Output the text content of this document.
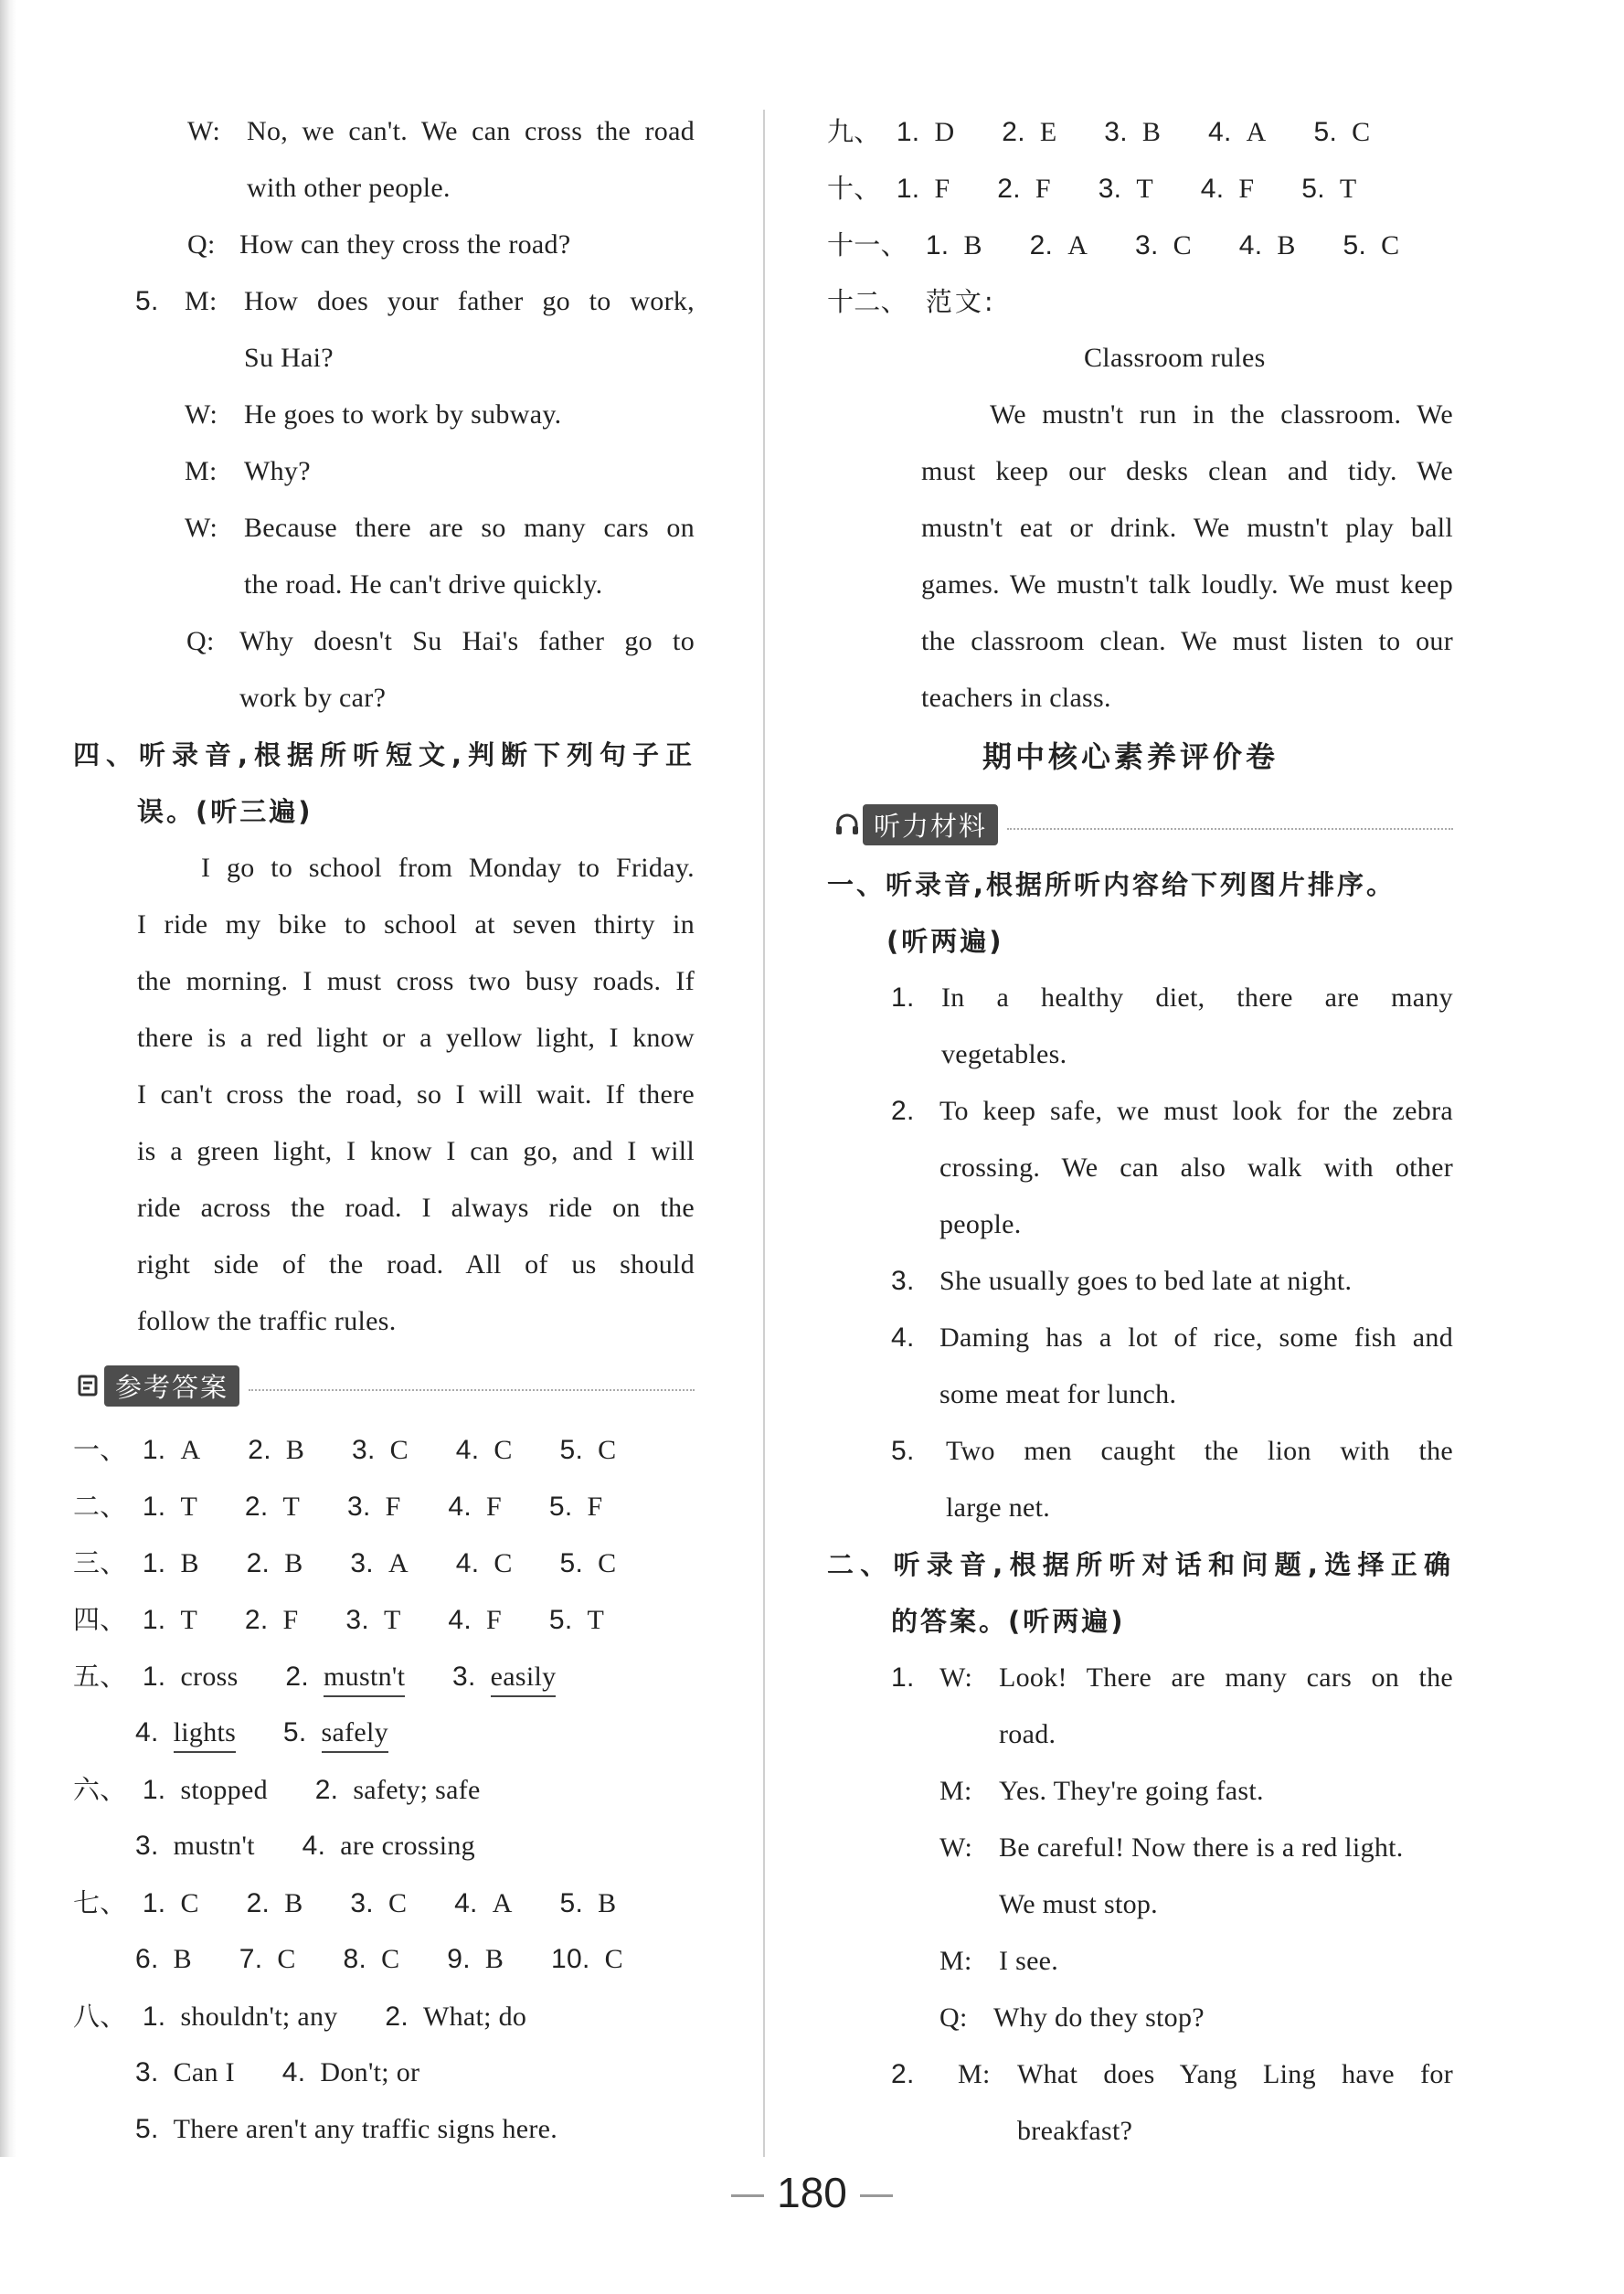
W: No, we can't. We can cross the road
with other people.
Q: How can they cross the road?
5. M: How does your father go to work,
Su Hai?
W: He goes to work by subway.
M: Why?
W: Because there are so many cars on
the road. He can't drive quickly.
Q: Why doesn't Su Hai's father go to
work by car?
四、听录音,根据所听短文,判断下列句子正
误。(听三遍)
I go to school from Monday to Friday.
I ride my bike to school at seven thirty in
the morning. I must cross two busy roads. If
there is a red light or a yellow light, I know
I can't cross the road, so I will wait. If there
is a green light, I know I can go, and I will
ride across the road. I always ride on the
right side of the road. All of us should
follow the traffic rules.
参考答案
一、 1. A 2. B 3. C 4. C 5. C
二、 1. T 2. T 3. F 4. F 5. F
三、 1. B 2. B 3. A 4. C 5. C
四、 1. T 2. F 3. T 4. F 5. T
五、 1. cross 2. mustn't 3. easily
4. lights 5. safely
六、 1. stopped 2. safety; safe
3. mustn't 4. are crossing
七、 1. C 2. B 3. C 4. A 5. B
6. B 7. C 8. C 9. B 10. C
八、 1. shouldn't; any 2. What; do
3. Can I 4. Don't; or
5. There aren't any traffic signs here.
九、 1. D 2. E 3. B 4. A 5. C
十、 1. F 2. F 3. T 4. F 5. T
十一、 1. B 2. A 3. C 4. B 5. C
十二、 范文:
Classroom rules
We mustn't run in the classroom. We
must keep our desks clean and tidy. We
mustn't eat or drink. We mustn't play ball
games. We mustn't talk loudly. We must keep
the classroom clean. We must listen to our
teachers in class.
期中核心素养评价卷
听力材料
一、听录音,根据所听内容给下列图片排序。
(听两遍)
1. In a healthy diet, there are many
vegetables.
2. To keep safe, we must look for the zebra
crossing. We can also walk with other
people.
3. She usually goes to bed late at night.
4. Daming has a lot of rice, some fish and
some meat for lunch.
5. Two men caught the lion with the
large net.
二、听录音,根据所听对话和问题,选择正确
的答案。(听两遍)
1. W: Look! There are many cars on the
road.
M: Yes. They're going fast.
W: Be careful! Now there is a red light.
We must stop.
M: I see.
Q: Why do they stop?
2. M: What does Yang Ling have for
breakfast?
180
